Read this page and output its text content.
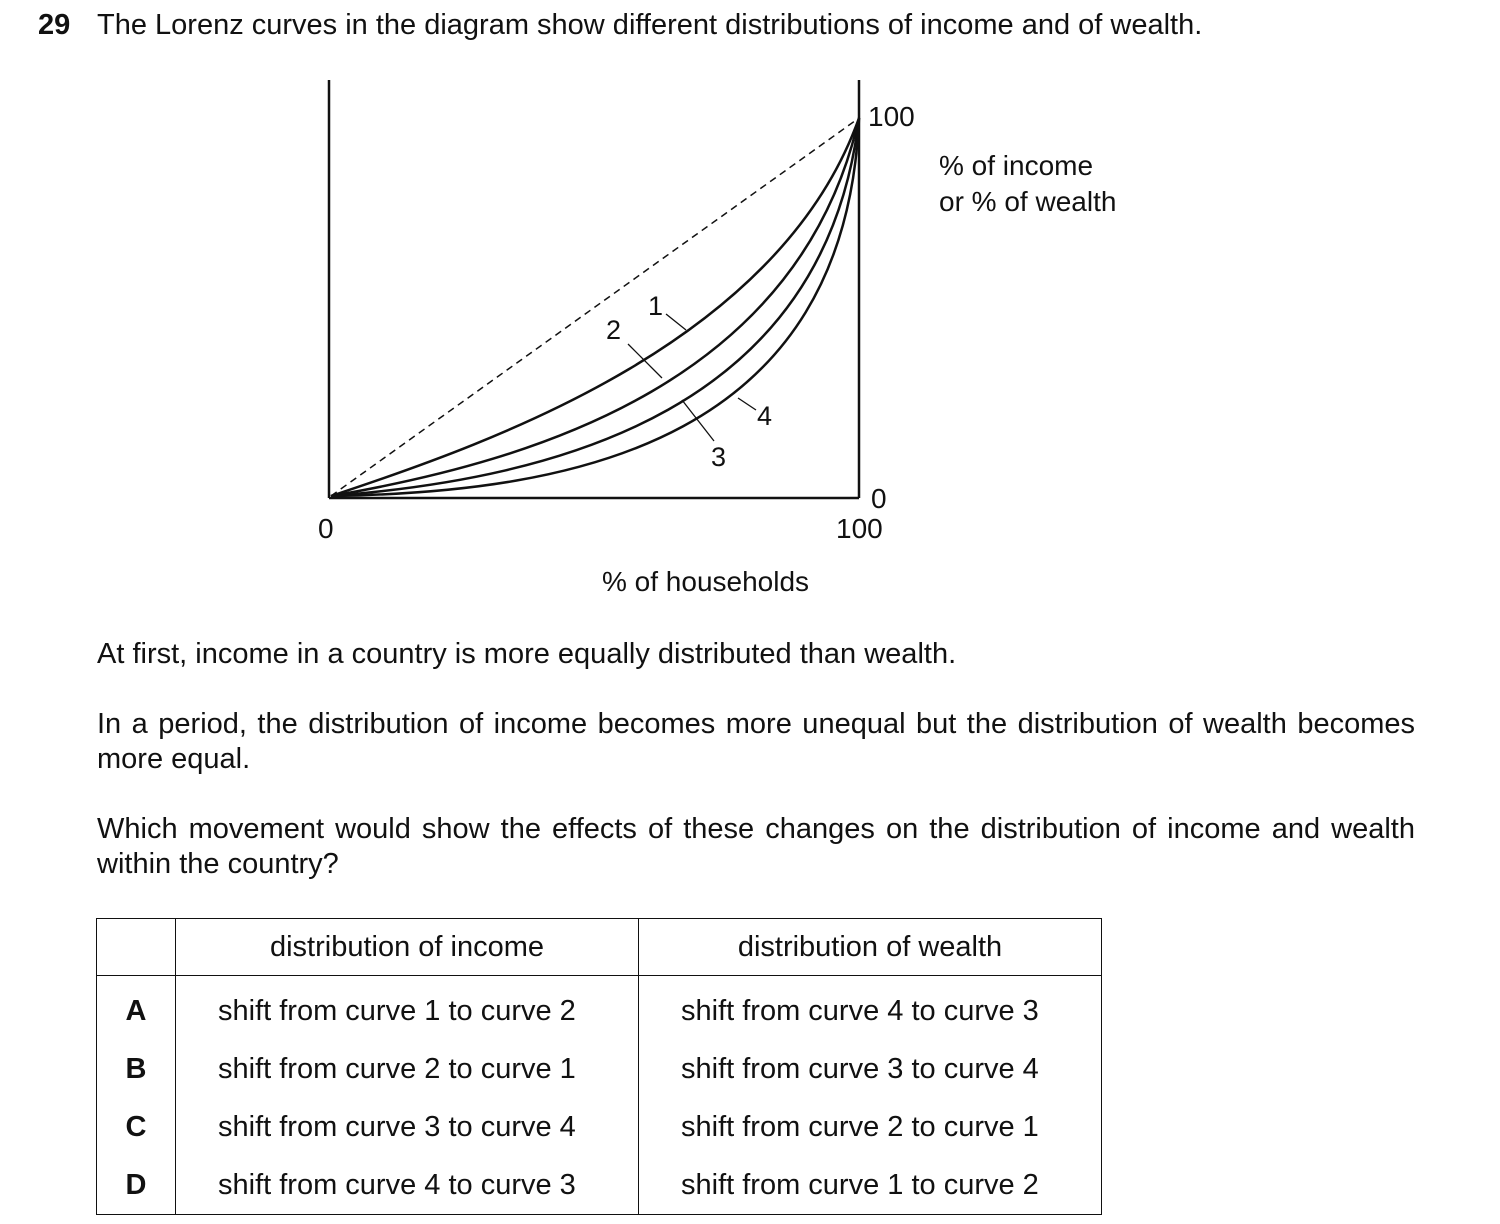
29 The Lorenz curves in the diagram show different distributions of income and of wealth.
1
2
3
4
100
0
100
0
% of income
or % of wealth
% of households

At first, income in a country is more equally distributed than wealth.

In a period, the distribution of income becomes more unequal but the distribution of wealth becomes more equal.

Which movement would show the effects of these changes on the distribution of income and wealth within the country?

	distribution of income	distribution of wealth
A	shift from curve 1 to curve 2	shift from curve 4 to curve 3
B	shift from curve 2 to curve 1	shift from curve 3 to curve 4
C	shift from curve 3 to curve 4	shift from curve 2 to curve 1
D	shift from curve 4 to curve 3	shift from curve 1 to curve 2
